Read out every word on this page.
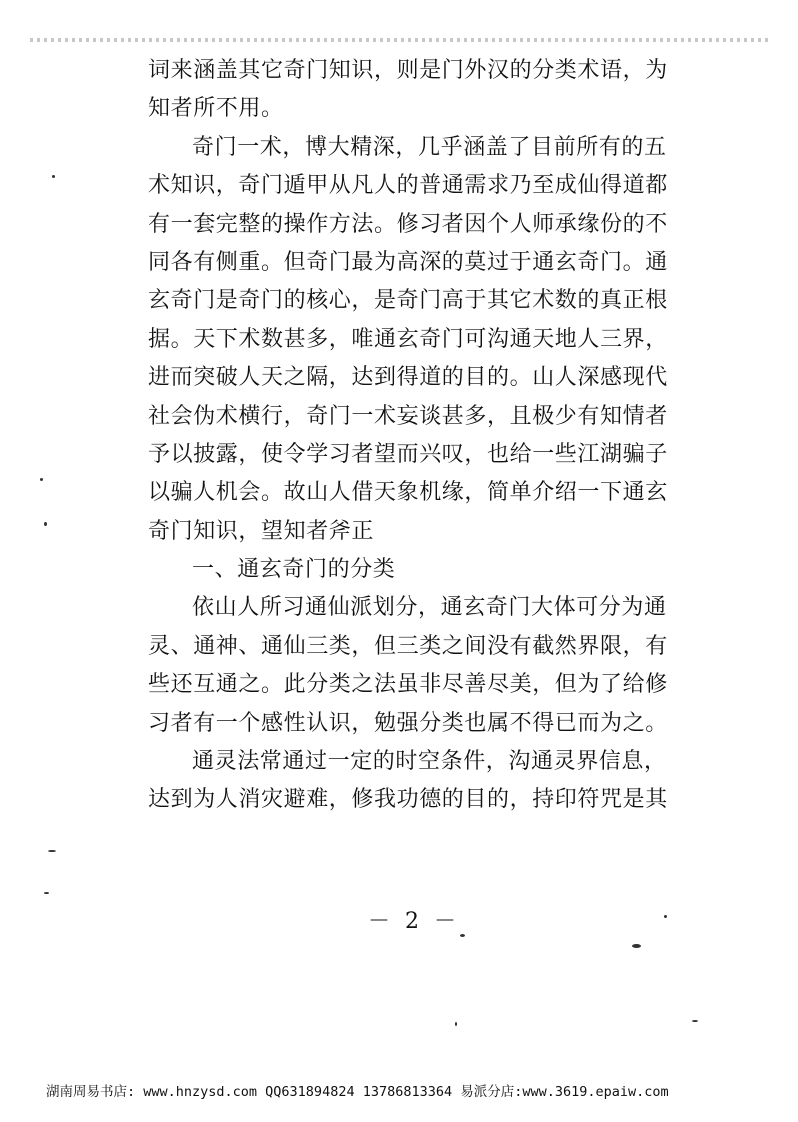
词来涵盖其它奇门知识，则是门外汉的分类术语，为
知者所不用。
奇门一术，博大精深，几乎涵盖了目前所有的五
术知识，奇门遁甲从凡人的普通需求乃至成仙得道都
有一套完整的操作方法。修习者因个人师承缘份的不
同各有侧重。但奇门最为高深的莫过于通玄奇门。通
玄奇门是奇门的核心，是奇门高于其它术数的真正根
据。天下术数甚多，唯通玄奇门可沟通天地人三界，
进而突破人天之隔，达到得道的目的。山人深感现代
社会伪术横行，奇门一术妄谈甚多，且极少有知情者
予以披露，使令学习者望而兴叹，也给一些江湖骗子
以骗人机会。故山人借天象机缘，简单介绍一下通玄
奇门知识，望知者斧正
一、通玄奇门的分类
依山人所习通仙派划分，通玄奇门大体可分为通
灵、通神、通仙三类，但三类之间没有截然界限，有
些还互通之。此分类之法虽非尽善尽美，但为了给修
习者有一个感性认识，勉强分类也属不得已而为之。
通灵法常通过一定的时空条件，沟通灵界信息，
达到为人消灾避难，修我功德的目的，持印符咒是其
－ 2 －
湖南周易书店: www.hnzysd.com QQ631894824 13786813364 易派分店:www.3619.epaiw.com
